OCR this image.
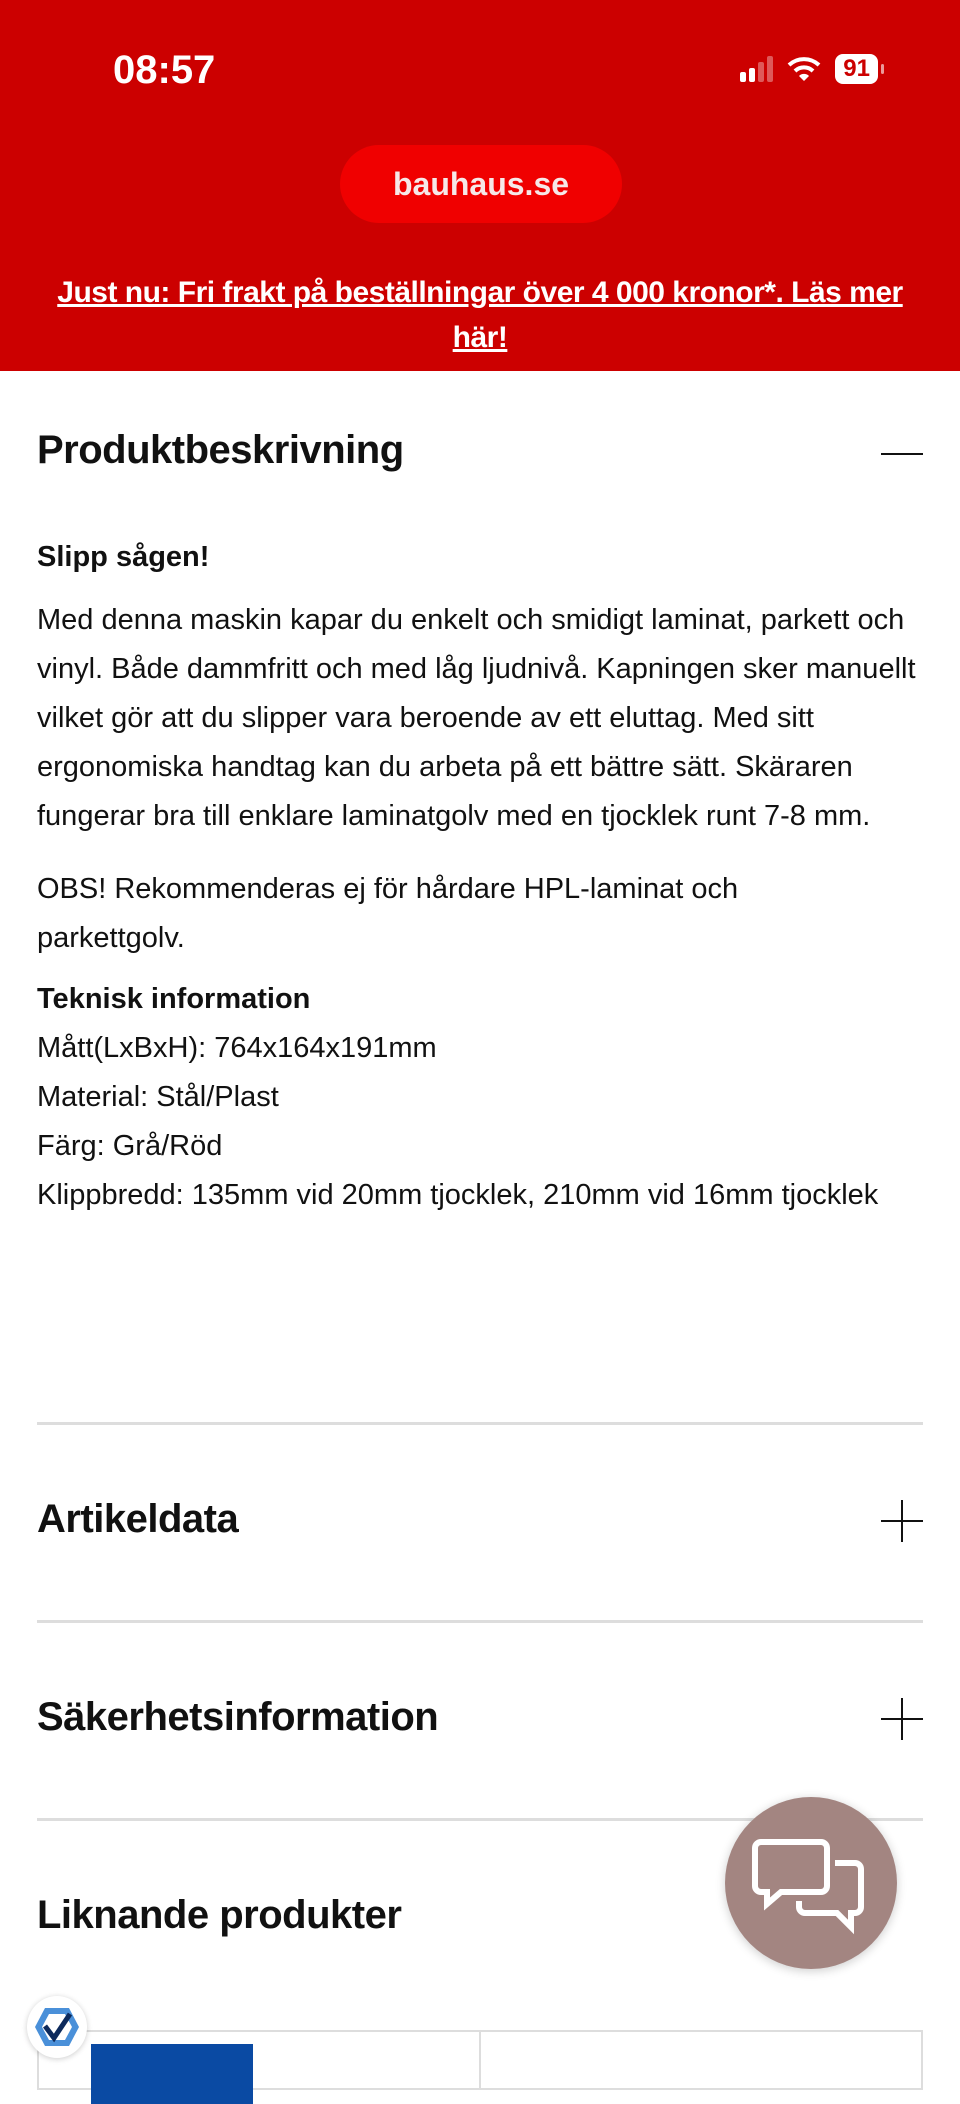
08:57	91
bauhaus.se
Just nu: Fri frakt på beställningar över 4 000 kronor*. Läs mer här!
Produktbeskrivning

Slipp sågen!

Med denna maskin kapar du enkelt och smidigt laminat, parkett och vinyl. Både dammfritt och med låg ljudnivå. Kapningen sker manuellt vilket gör att du slipper vara beroende av ett eluttag. Med sitt ergonomiska handtag kan du arbeta på ett bättre sätt. Skäraren fungerar bra till enklare laminatgolv med en tjocklek runt 7-8 mm.

OBS! Rekommenderas ej för hårdare HPL-laminat och parkettgolv.

Teknisk information

Mått(LxBxH): 764x164x191mm

Material: Stål/Plast

Färg: Grå/Röd

Klippbredd: 135mm vid 20mm tjocklek, 210mm vid 16mm tjocklek

Artikeldata
Säkerhetsinformation
Liknande produkter
